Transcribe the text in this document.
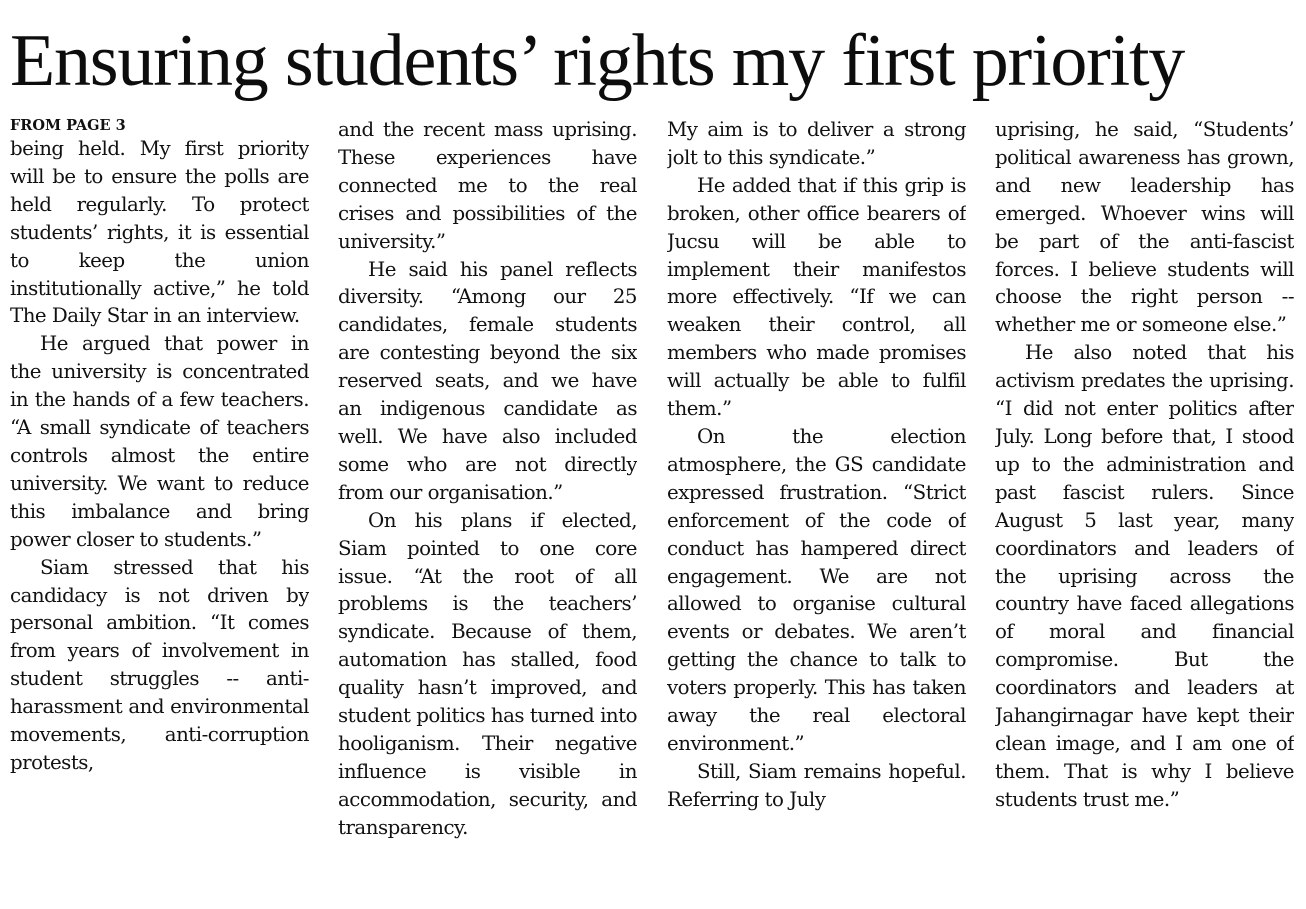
Ensuring students’ rights my first priority
FROM PAGE 3

being held. My first priority will be to ensure the polls are held regularly. To protect students’ rights, it is essential to keep the union institutionally active,” he told The Daily Star in an interview.

He argued that power in the university is concentrated in the hands of a few teachers. “A small syndicate of teachers controls almost the entire university. We want to reduce this imbalance and bring power closer to students.”

Siam stressed that his candidacy is not driven by personal ambition. “It comes from years of involvement in student struggles -- anti-harassment and environmental movements, anti-corruption protests,

and the recent mass uprising. These experiences have connected me to the real crises and possibilities of the university.”

He said his panel reflects diversity. “Among our 25 candidates, female students are contesting beyond the six reserved seats, and we have an indigenous candidate as well. We have also included some who are not directly from our organisation.”

On his plans if elected, Siam pointed to one core issue. “At the root of all problems is the teachers’ syndicate. Because of them, automation has stalled, food quality hasn’t improved, and student politics has turned into hooliganism. Their negative influence is visible in accommodation, security, and transparency.

My aim is to deliver a strong jolt to this syndicate.”

He added that if this grip is broken, other office bearers of Jucsu will be able to implement their manifestos more effectively. “If we can weaken their control, all members who made promises will actually be able to fulfil them.”

On the election atmosphere, the GS candidate expressed frustration. “Strict enforcement of the code of conduct has hampered direct engagement. We are not allowed to organise cultural events or debates. We aren’t getting the chance to talk to voters properly. This has taken away the real electoral environment.”

Still, Siam remains hopeful. Referring to July

uprising, he said, “Students’ political awareness has grown, and new leadership has emerged. Whoever wins will be part of the anti-fascist forces. I believe students will choose the right person -- whether me or someone else.”

He also noted that his activism predates the uprising. “I did not enter politics after July. Long before that, I stood up to the administration and past fascist rulers. Since August 5 last year, many coordinators and leaders of the uprising across the country have faced allegations of moral and financial compromise. But the coordinators and leaders at Jahangirnagar have kept their clean image, and I am one of them. That is why I believe students trust me.”
